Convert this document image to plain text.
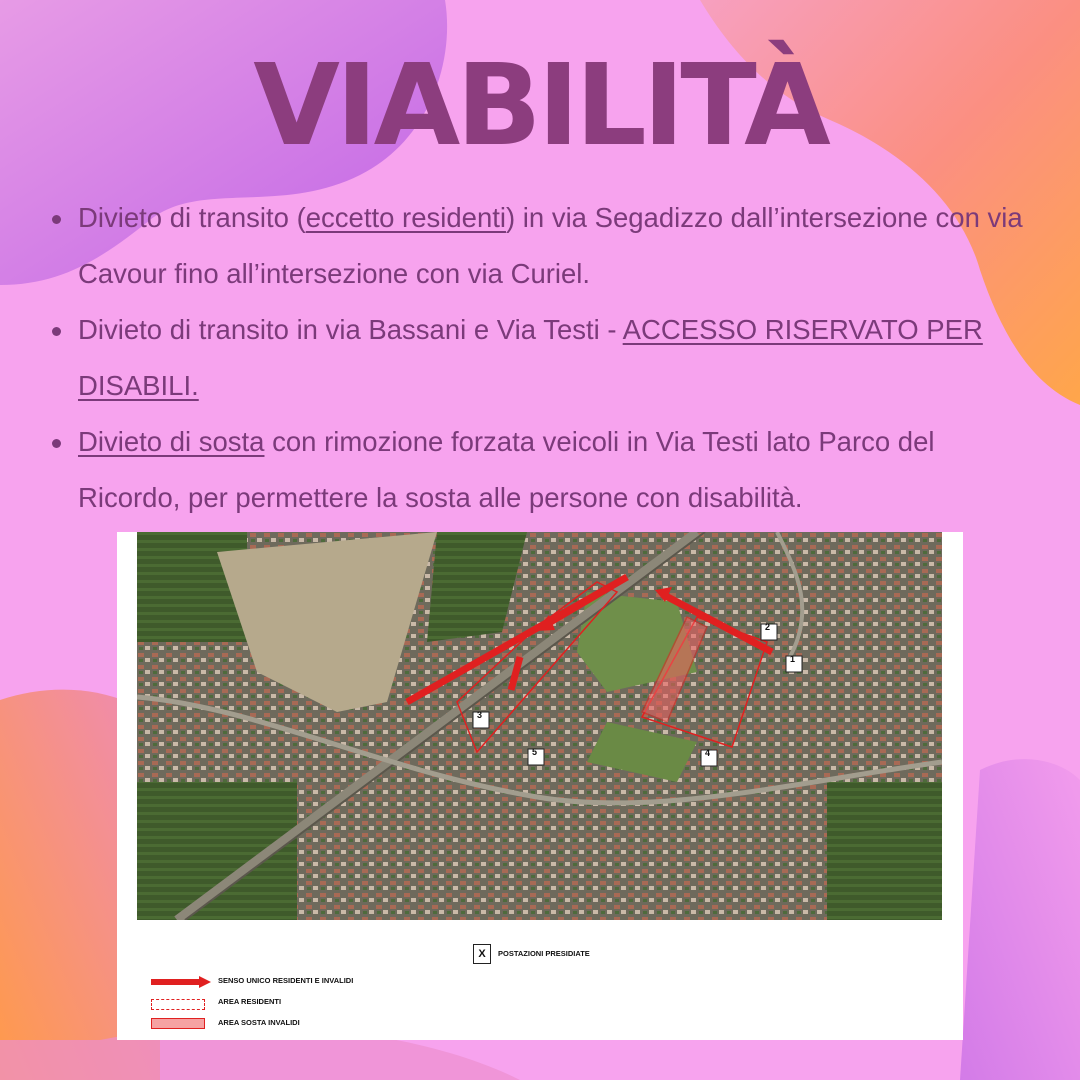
VIABILITÀ
Divieto di transito (eccetto residenti) in via Segadizzo dall’intersezione con via Cavour fino all’intersezione con via Curiel.
Divieto di transito in via Bassani e Via Testi - ACCESSO RISERVATO PER DISABILI.
Divieto di sosta con rimozione forzata veicoli in Via Testi lato Parco del Ricordo, per permettere la sosta alle persone con disabilità.
1
2
3
4
5
X	POSTAZIONI PRESIDIATE
SENSO UNICO RESIDENTI E INVALIDI
AREA RESIDENTI
AREA SOSTA INVALIDI
